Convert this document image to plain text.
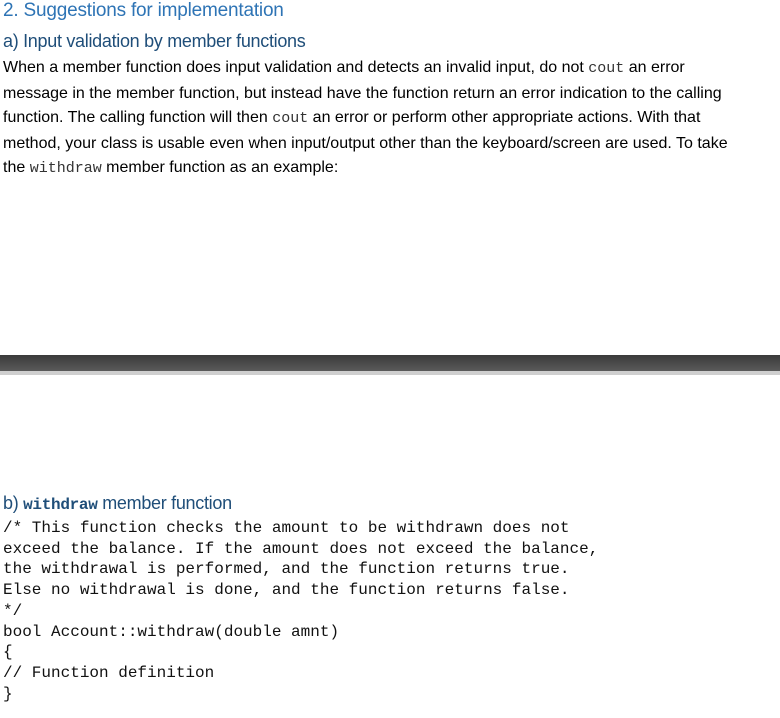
2. Suggestions for implementation
a) Input validation by member functions
When a member function does input validation and detects an invalid input, do not cout an error
message in the member function, but instead have the function return an error indication to the calling
function. The calling function will then cout an error or perform other appropriate actions. With that
method, your class is usable even when input/output other than the keyboard/screen are used. To take
the withdraw member function as an example:
b) withdraw member function
/* This function checks the amount to be withdrawn does not
exceed the balance. If the amount does not exceed the balance,
the withdrawal is performed, and the function returns true.
Else no withdrawal is done, and the function returns false.
*/
bool Account::withdraw(double amnt)
{
// Function definition
}
